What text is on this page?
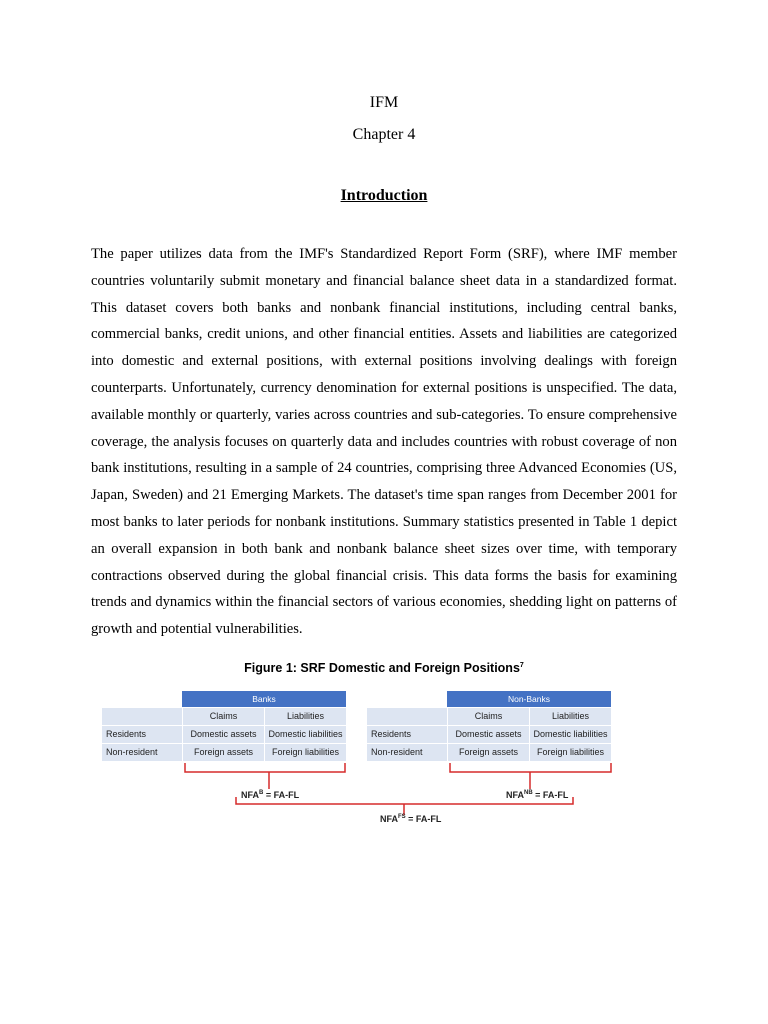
IFM
Chapter 4
Introduction

The paper utilizes data from the IMF's Standardized Report Form (SRF), where IMF member countries voluntarily submit monetary and financial balance sheet data in a standardized format. This dataset covers both banks and nonbank financial institutions, including central banks, commercial banks, credit unions, and other financial entities. Assets and liabilities are categorized into domestic and external positions, with external positions involving dealings with foreign counterparts. Unfortunately, currency denomination for external positions is unspecified. The data, available monthly or quarterly, varies across countries and sub-categories. To ensure comprehensive coverage, the analysis focuses on quarterly data and includes countries with robust coverage of non bank institutions, resulting in a sample of 24 countries, comprising three Advanced Economies (US, Japan, Sweden) and 21 Emerging Markets. The dataset's time span ranges from December 2001 for most banks to later periods for nonbank institutions. Summary statistics presented in Table 1 depict an overall expansion in both bank and nonbank balance sheet sizes over time, with temporary contractions observed during the global financial crisis. This data forms the basis for examining trends and dynamics within the financial sectors of various economies, shedding light on patterns of growth and potential vulnerabilities.

Figure 1: SRF Domestic and Foreign Positions$^7$
Banks
Claims	Liabilities
Residents	Domestic assets	Domestic liabilities
Non-resident	Foreign assets	Foreign liabilities
Non-Banks
Claims	Liabilities
Residents	Domestic assets	Domestic liabilities
Non-resident	Foreign assets	Foreign liabilities
$NFA^B = FA-FL$	$NFA^{NB} = FA-FL$
$NFA^{FS} = FA-FL$
